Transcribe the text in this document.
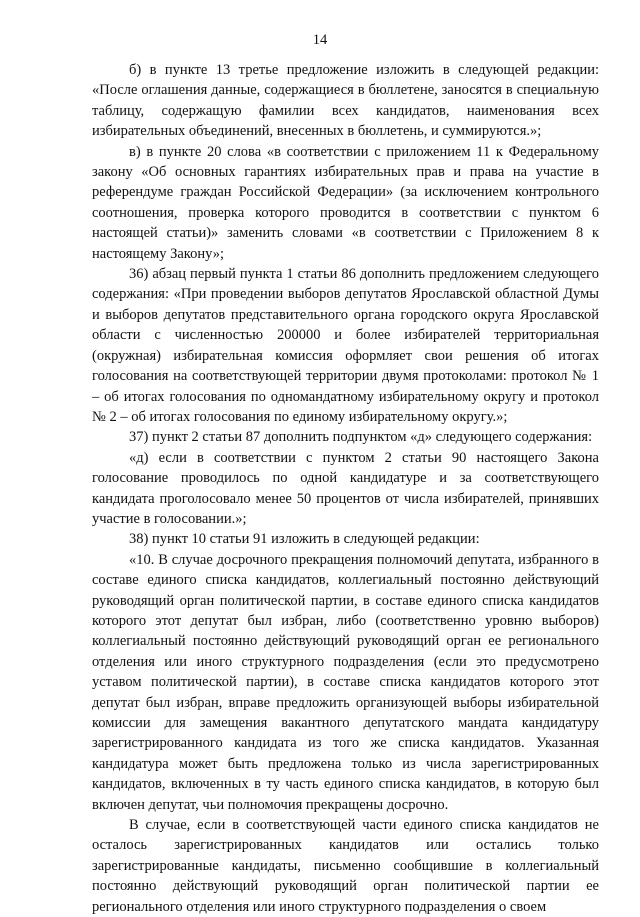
14

б) в пункте 13 третье предложение изложить в следующей редакции: «После оглашения данные, содержащиеся в бюллетене, заносятся в специальную таблицу, содержащую фамилии всех кандидатов, наименования всех избирательных объединений, внесенных в бюллетень, и суммируются.»;

в) в пункте 20 слова «в соответствии с приложением 11 к Федеральному закону «Об основных гарантиях избирательных прав и права на участие в референдуме граждан Российской Федерации» (за исключением контрольного соотношения, проверка которого проводится в соответствии с пунктом 6 настоящей статьи)» заменить словами «в соответствии с Приложением 8 к настоящему Закону»;

36) абзац первый пункта 1 статьи 86 дополнить предложением следующего содержания: «При проведении выборов депутатов Ярославской областной Думы и выборов депутатов представительного органа городского округа Ярославской области с численностью 200000 и более избирателей территориальная (окружная) избирательная комиссия оформляет свои решения об итогах голосования на соответствующей территории двумя протоколами: протокол № 1 – об итогах голосования по одномандатному избирательному округу и протокол № 2 – об итогах голосования по единому избирательному округу.»;

37) пункт 2 статьи 87 дополнить подпунктом «д» следующего содержания:

«д) если в соответствии с пунктом 2 статьи 90 настоящего Закона голосование проводилось по одной кандидатуре и за соответствующего кандидата проголосовало менее 50 процентов от числа избирателей, принявших участие в голосовании.»;

38) пункт 10 статьи 91 изложить в следующей редакции:

«10. В случае досрочного прекращения полномочий депутата, избранного в составе единого списка кандидатов, коллегиальный постоянно действующий руководящий орган политической партии, в составе единого списка кандидатов которого этот депутат был избран, либо (соответственно уровню выборов) коллегиальный постоянно действующий руководящий орган ее регионального отделения или иного структурного подразделения (если это предусмотрено уставом политической партии), в составе списка кандидатов которого этот депутат был избран, вправе предложить организующей выборы избирательной комиссии для замещения вакантного депутатского мандата кандидатуру зарегистрированного кандидата из того же списка кандидатов. Указанная кандидатура может быть предложена только из числа зарегистрированных кандидатов, включенных в ту часть единого списка кандидатов, в которую был включен депутат, чьи полномочия прекращены досрочно.

В случае, если в соответствующей части единого списка кандидатов не осталось зарегистрированных кандидатов или остались только зарегистрированные кандидаты, письменно сообщившие в коллегиальный постоянно действующий руководящий орган политической партии ее регионального отделения или иного структурного подразделения о своем
